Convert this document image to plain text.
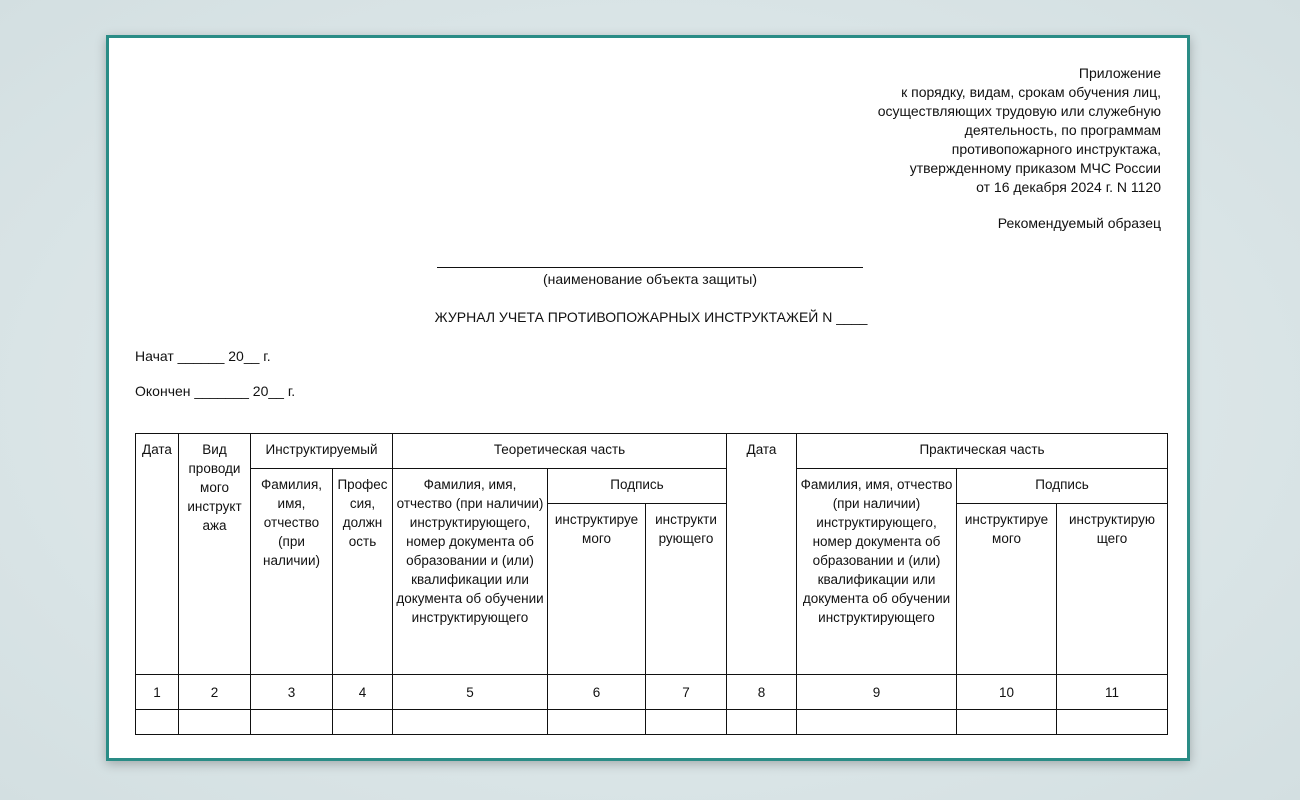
Приложение
к порядку, видам, срокам обучения лиц,
осуществляющих трудовую или служебную
деятельность, по программам
противопожарного инструктажа,
утвержденному приказом МЧС России
от 16 декабря 2024 г. N 1120
Рекомендуемый образец
(наименование объекта защиты)
ЖУРНАЛ УЧЕТА ПРОТИВОПОЖАРНЫХ ИНСТРУКТАЖЕЙ N ____
Начат ______ 20__ г.
Окончен _______ 20__ г.
Дата	Вид проводи мого инструкт ажа	Инструктируемый		Теоретическая часть			Дата	Практическая часть		
		Фамилия, имя, отчество (при наличии)	Профес сия, должн ость	Фамилия, имя, отчество (при наличии) инструктирующего, номер документа об образовании и (или) квалификации или документа об обучении инструктирующего	Подпись			Фамилия, имя, отчество (при наличии) инструктирующего, номер документа об образовании и (или) квалификации или документа об обучении инструктирующего	Подпись	
					инструктируе мого	инструкти рующего			инструктируе мого	инструктирую щего
1	2	3	4	5	6	7	8	9	10	11
